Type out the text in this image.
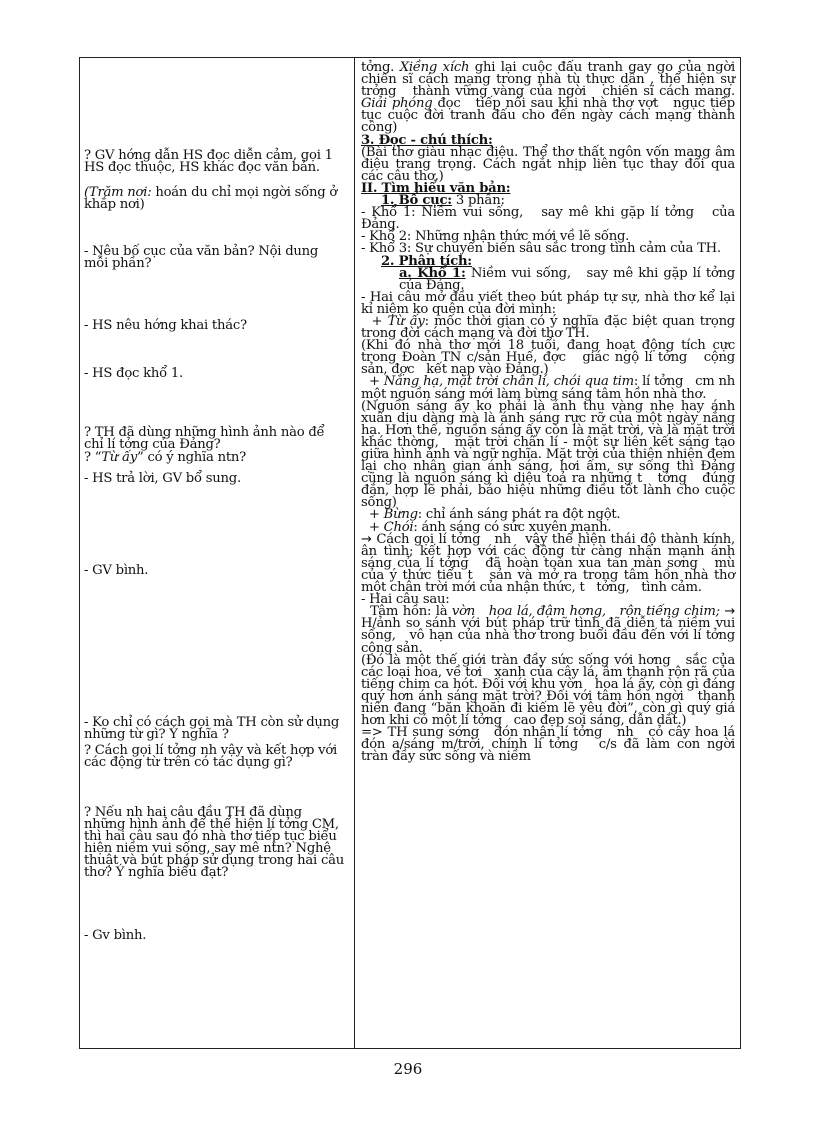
? GV hớng dẫn HS đọc diễn cảm, gọi 1 HS đọc thuộc, HS khác đọc văn bản.

(Trăm nơi: hoán du chỉ mọi ngời sống ở khắp nơi)

- Nêu bố cục của văn bản? Nội dung mỗi phần?

- HS nêu hớng khai thác?

- HS đọc khổ 1.

? TH đã dùng những hình ảnh nào để chỉ lí tởng của Đảng?

? “Từ ấy” có ý nghĩa ntn?

- HS trả lời, GV bổ sung.

- GV bình.

- Ko chỉ có cách gọi mà TH còn sử dụng những từ gì? Ý nghĩa ?

? Cách gọi lí tởng nh vậy và kết hợp với các động từ trên có tác dụng gì?

? Nếu nh hai câu đầu TH đã dùng những hình ảnh để thể hiện lí tởng CM, thì hai câu sau đó nhà thơ tiếp tục biểu hiện niềm vui sống, say mê ntn? Nghệ thuật và bút pháp sử dụng trong hai câu thơ? Ý nghĩa biểu đạt?

- Gv bình.

tởng. Xiềng xích ghi lại cuộc đấu tranh gay go của ngời   chiến sĩ cách mạng trong nhà tù thực dân , thể hiện sự trởng   thành vững vàng của ngời   chiến sĩ cách mang. Giải phóng đọc   tiếp nối sau khi nhà thơ vợt   ngục tiếp tục cuộc đời tranh đấu cho đến ngày cách mạng thành công)

3. Đọc - chú thích:

(Bài thơ giàu nhạc điệu. Thể thơ thất ngôn vốn mang âm điệu trang trọng. Cách ngắt nhịp liên tục thay đổi qua các câu thơ.)

II. Tìm hiểu văn bản:

1. Bố cục: 3 phần:

- Khổ 1: Niềm vui sống,   say mê khi gặp lí tởng   của Đảng.

- Khổ 2: Những nhận thức mới về lẽ sống.

- Khổ 3: Sự chuyển biến sâu sắc trong tình cảm của TH.

2. Phân tích:

a. Khổ 1: Niềm vui sống,   say mê khi gặp lí tởng   của Đảng.

- Hai câu mở đầu viết theo bút pháp tự sự, nhà thơ kể lại kỉ niệm ko quên của đời mình:

+ Từ ấy: mốc thời gian có ý nghĩa đặc biệt quan trọng trong đời cách mạng và đời thơ TH.

(Khi đó nhà thơ mới 18 tuổi, đang hoạt động tích cực trong Đoàn TN c/sản Huế, đợc   giác ngộ lí tởng   cộng sản, đợc   kết nạp vào Đảng.)

+ Nắng hạ, mặt trời chân lí, chói qua tim: lí tởng   cm nh   một nguồn sáng mới làm bừng sáng tâm hồn nhà thơ.

(Nguồn sáng ấy ko phải là ánh thu vàng nhẹ hay ánh xuân dịu dàng mà là ánh sáng rực rỡ của một ngày nắng hạ. Hơn thế, nguồn sáng ấy còn là mặt trời, và là mặt trời khác thờng,   mặt trời chân lí - một sự liên kết sáng tạo giữa hình ảnh và ngữ nghĩa. Mặt trời của thiên nhiên đem lại cho nhân gian ánh sáng, hơi ấm, sự sống thì Đảng cũng là nguồn sáng kì diệu toả ra những t   tởng   đúng đắn, hợp lẽ phải, báo hiệu những điều tốt lành cho cuộc sống)

+ Bừng: chỉ ánh sáng phát ra đột ngột.

+ Chói: ánh sáng có sức xuyên mạnh.

→ Cách gọi lí tởng   nh   vậy thể hiện thái độ thành kính, ân tình; kết hợp với các động từ càng nhấn mạnh ánh sáng của lí tởng   đã hoàn toàn xua tan màn sơng   mù của ý thức tiểu t   sản và mở ra trong tâm hồn nhà thơ một chân trời mới của nhận thức, t   tởng,   tình cảm.

- Hai câu sau:

Tâm hồn: là vờn   hoa lá, đậm hơng,   rộn tiếng chim; → H/ảnh so sánh với bút pháp trữ tình đã diễn tả niềm vui sống,   vô hạn của nhà thơ trong buổi đầu đến với lí tởng   cộng sản.

(Đó là một thế giới tràn đầy sức sống với hơng   sắc của các loại hoa, về tơi   xanh của cây lá, âm thanh rộn rã của tiếng chim ca hót. Đối với khu vờn   hoa lá ấy, còn gì đáng quý hơn ánh sáng mặt trời? Đối với tâm hồn ngời   thanh niên đang “băn khoăn đi kiếm lẽ yêu đời”, còn gì quý giá hơn khi có một lí tởng   cao đẹp soi sáng, dẫn dắt.)

=> TH sung sớng   đón nhận lí tởng   nh   cỏ cây hoa lá đón a/sáng m/trời, chính lí tởng   c/s đã làm con ngời   tràn đầy sức sống và niềm

296
